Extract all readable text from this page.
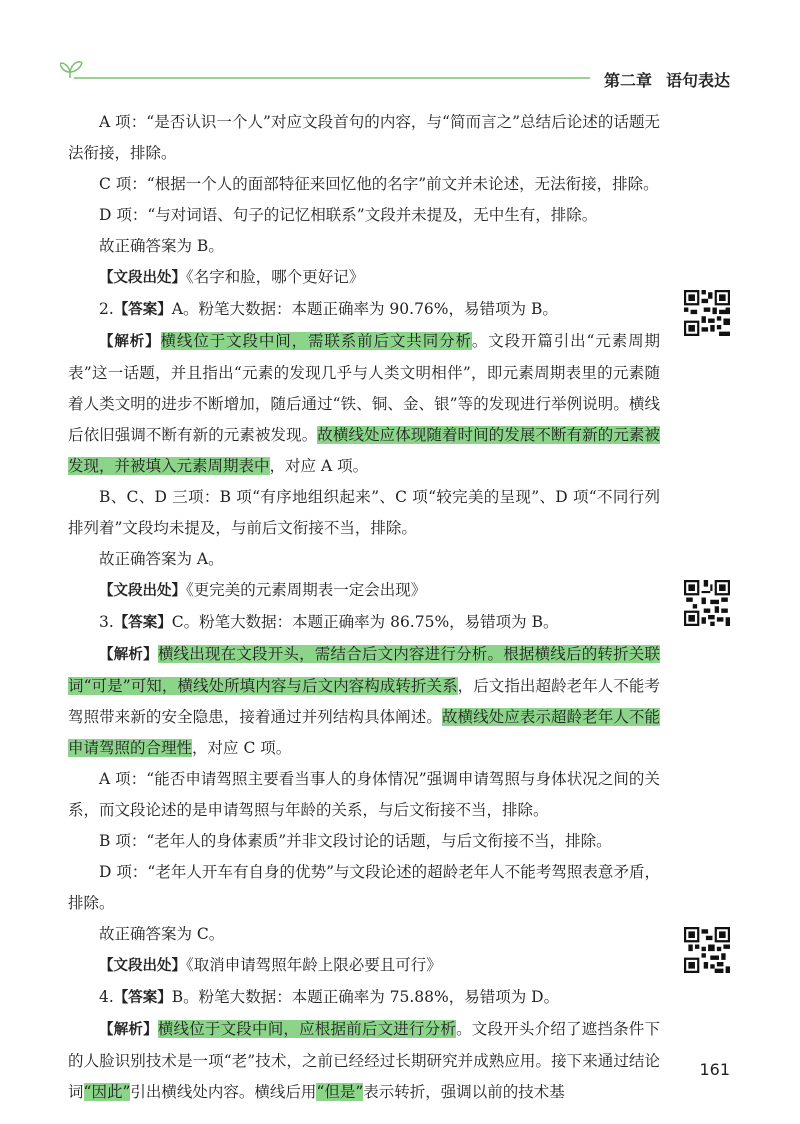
第二章 语句表达

A 项：“是否认识一个人”对应文段首句的内容，与“简而言之”总结后论述的话题无法衔接，排除。

C 项：“根据一个人的面部特征来回忆他的名字”前文并未论述，无法衔接，排除。

D 项：“与对词语、句子的记忆相联系”文段并未提及，无中生有，排除。

故正确答案为 B。

【文段出处】《名字和脸，哪个更好记》

2.【答案】A。粉笔大数据：本题正确率为 90.76%，易错项为 B。

【解析】横线位于文段中间，需联系前后文共同分析。文段开篇引出“元素周期表”这一话题，并且指出“元素的发现几乎与人类文明相伴”，即元素周期表里的元素随着人类文明的进步不断增加，随后通过“铁、铜、金、银”等的发现进行举例说明。横线后依旧强调不断有新的元素被发现。故横线处应体现随着时间的发展不断有新的元素被发现，并被填入元素周期表中，对应 A 项。

B、C、D 三项：B 项“有序地组织起来”、C 项“较完美的呈现”、D 项“不同行列排列着”文段均未提及，与前后文衔接不当，排除。

故正确答案为 A。

【文段出处】《更完美的元素周期表一定会出现》

3.【答案】C。粉笔大数据：本题正确率为 86.75%，易错项为 B。

【解析】横线出现在文段开头，需结合后文内容进行分析。根据横线后的转折关联词“可是”可知，横线处所填内容与后文内容构成转折关系，后文指出超龄老年人不能考驾照带来新的安全隐患，接着通过并列结构具体阐述。故横线处应表示超龄老年人不能申请驾照的合理性，对应 C 项。

A 项：“能否申请驾照主要看当事人的身体情况”强调申请驾照与身体状况之间的关系，而文段论述的是申请驾照与年龄的关系，与后文衔接不当，排除。

B 项：“老年人的身体素质”并非文段讨论的话题，与后文衔接不当，排除。

D 项：“老年人开车有自身的优势”与文段论述的超龄老年人不能考驾照表意矛盾，排除。

故正确答案为 C。

【文段出处】《取消申请驾照年龄上限必要且可行》

4.【答案】B。粉笔大数据：本题正确率为 75.88%，易错项为 D。

【解析】横线位于文段中间，应根据前后文进行分析。文段开头介绍了遮挡条件下的人脸识别技术是一项“老”技术，之前已经经过长期研究并成熟应用。接下来通过结论词“因此”引出横线处内容。横线后用“但是”表示转折，强调以前的技术基

161
